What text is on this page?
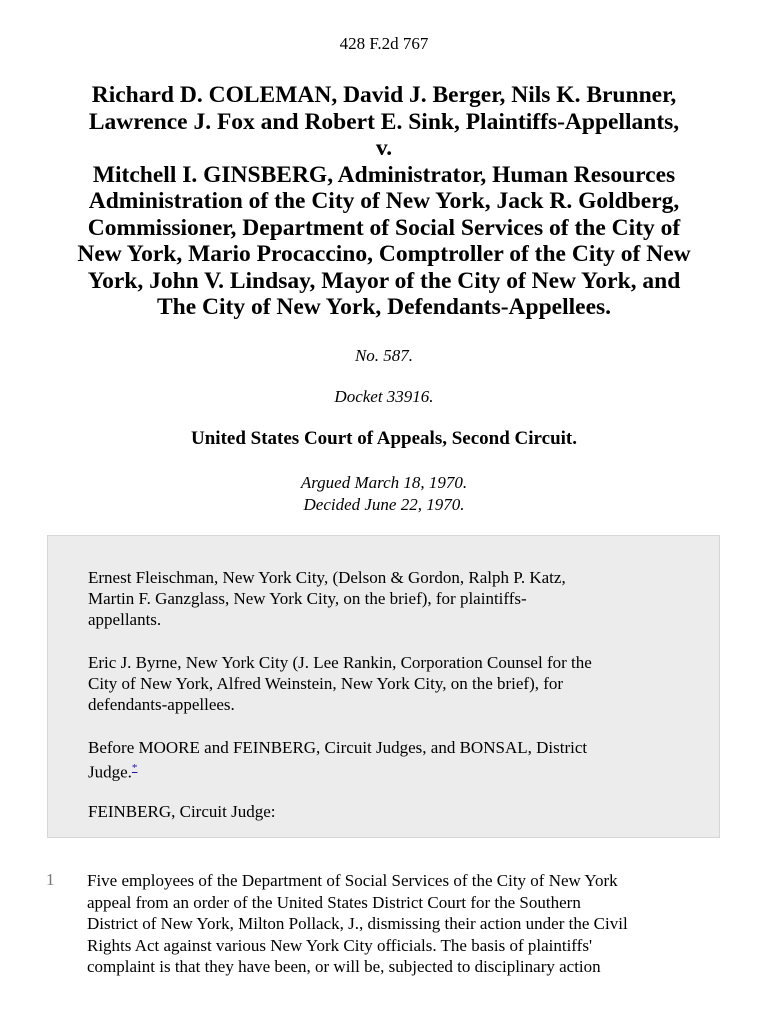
428 F.2d 767
Richard D. COLEMAN, David J. Berger, Nils K. Brunner,
Lawrence J. Fox and Robert E. Sink, Plaintiffs-Appellants,
v.
Mitchell I. GINSBERG, Administrator, Human Resources
Administration of the City of New York, Jack R. Goldberg,
Commissioner, Department of Social Services of the City of
New York, Mario Procaccino, Comptroller of the City of New
York, John V. Lindsay, Mayor of the City of New York, and
The City of New York, Defendants-Appellees.
No. 587.
Docket 33916.
United States Court of Appeals, Second Circuit.
Argued March 18, 1970.
Decided June 22, 1970.

Ernest Fleischman, New York City, (Delson & Gordon, Ralph P. Katz,
Martin F. Ganzglass, New York City, on the brief), for plaintiffs-
appellants.

Eric J. Byrne, New York City (J. Lee Rankin, Corporation Counsel for the
City of New York, Alfred Weinstein, New York City, on the brief), for
defendants-appellees.

Before MOORE and FEINBERG, Circuit Judges, and BONSAL, District
Judge.*

FEINBERG, Circuit Judge:

1 Five employees of the Department of Social Services of the City of New York
appeal from an order of the United States District Court for the Southern
District of New York, Milton Pollack, J., dismissing their action under the Civil
Rights Act against various New York City officials. The basis of plaintiffs'
complaint is that they have been, or will be, subjected to disciplinary action
